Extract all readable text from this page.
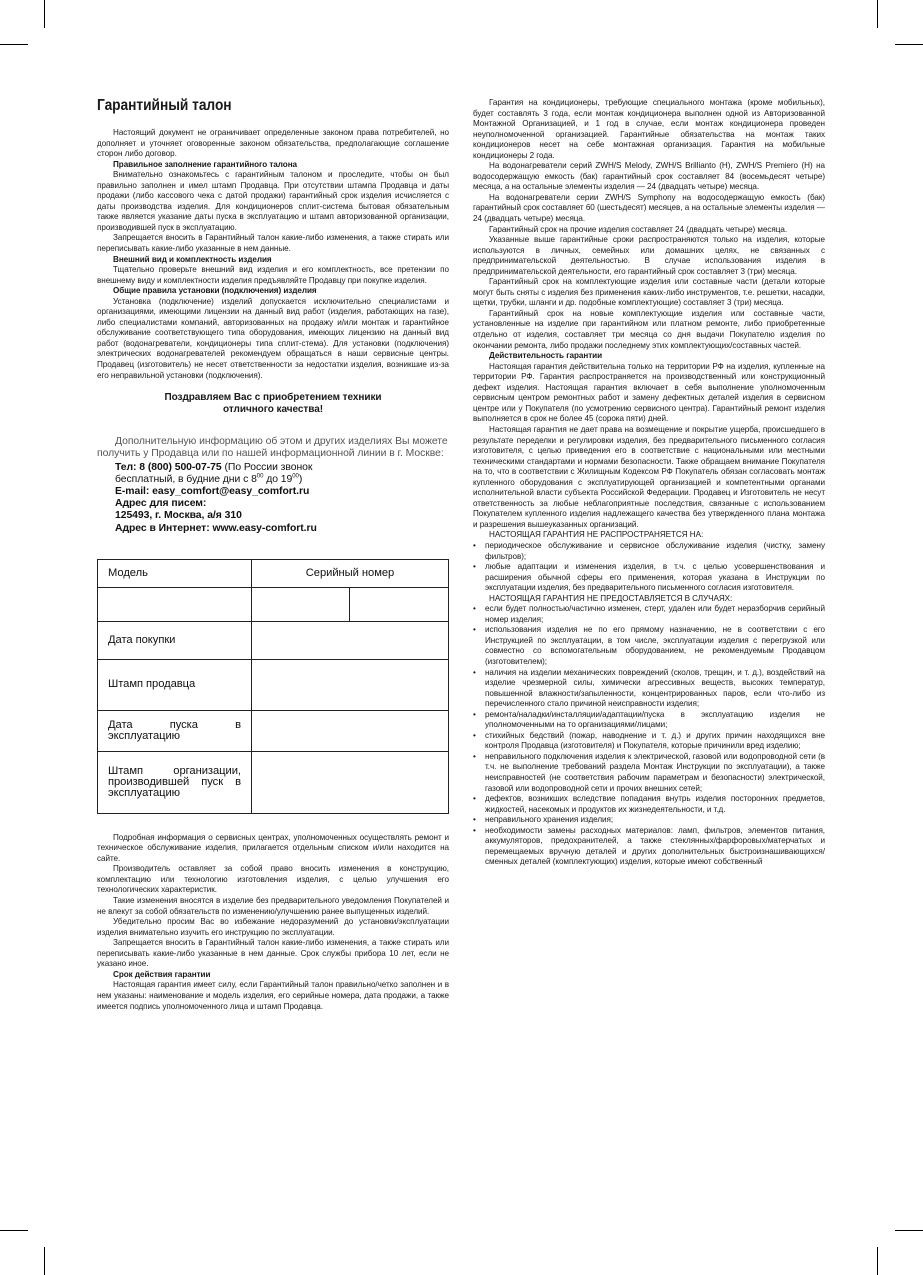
Гарантийный талон

Настоящий документ не ограничивает определенные законом права потребителей, но дополняет и уточняет оговоренные законом обязательства, предполагающие соглашение сторон либо договор.

Правильное заполнение гарантийного талона

Внимательно ознакомьтесь с гарантийным талоном и проследите, чтобы он был правильно заполнен и имел штамп Продавца. При отсутствии штампа Продавца и даты продажи (либо кассового чека с датой продажи) гарантийный срок изделия исчисляется с даты производства изделия. Для кондиционеров сплит-система бытовая обязательным также является указание даты пуска в эксплуатацию и штамп авторизованной организации, производившей пуск в эксплуатацию.

Запрещается вносить в Гарантийный талон какие-либо изменения, а также стирать или переписывать какие-либо указанные в нем данные.

Внешний вид и комплектность изделия

Тщательно проверьте внешний вид изделия и его комплектность, все претензии по внешнему виду и комплектности изделия предъявляйте Продавцу при покупке изделия.

Общие правила установки (подключения) изделия

Установка (подключение) изделий допускается исключительно специалистами и организациями, имеющими лицензии на данный вид работ (изделия, работающих на газе), либо специалистами компаний, авторизованных на продажу и/или монтаж и гарантийное обслуживание соответствующего типа оборудования, имеющих лицензию на данный вид работ (водонагреватели, кондиционеры типа сплит-стема). Для установки (подключения) электрических водонагревателей рекомендуем обращаться в наши сервисные центры. Продавец (изготовитель) не несет ответственности за недостатки изделия, возникшие из-за его неправильной установки (подключения).

Поздравляем Вас с приобретением техники
отличного качества!
Дополнительную информацию об этом и других изделиях Вы можете получить у Продавца или по нашей информационной линии в г. Москве:
Тел: 8 (800) 500-07-75 (По России звонок
бесплатный, в будние дни с $8^{00}$ до $19^{00}$)
E-mail: easy_comfort@easy_comfort.ru
Адрес для писем:
125493, г. Москва, а/я 310
Адрес в Интернет: www.easy-comfort.ru
Модель	Серийный номер	

Дата покупки		
Штамп продавца		
Дата пуска в эксплуатацию		
Штамп организации, производившей пуск в эксплуатацию		

Подробная информация о сервисных центрах, уполномоченных осуществлять ремонт и техническое обслуживание изделия, прилагается отдельным списком и/или находится на сайте.

Производитель оставляет за собой право вносить изменения в конструкцию, комплектацию или технологию изготовления изделия, с целью улучшения его технологических характеристик.

Такие изменения вносятся в изделие без предварительного уведомления Покупателей и не влекут за собой обязательств по изменению/улучшению ранее выпущенных изделий.

Убедительно просим Вас во избежание недоразумений до установки/эксплуатации изделия внимательно изучить его инструкцию по эксплуатации.

Запрещается вносить в Гарантийный талон какие-либо изменения, а также стирать или переписывать какие-либо указанные в нем данные. Срок службы прибора 10 лет, если не указано иное.

Срок действия гарантии

Настоящая гарантия имеет силу, если Гарантийный талон правильно/четко заполнен и в нем указаны: наименование и модель изделия, его серийные номера, дата продажи, а также имеется подпись уполномоченного лица и штамп Продавца.

Гарантия на кондиционеры, требующие специального монтажа (кроме мобильных), будет составлять 3 года, если монтаж кондиционера выполнен одной из Авторизованной Монтажной Организацией, и 1 год в случае, если монтаж кондиционера проведен неуполномоченной организацией. Гарантийные обязательства на монтаж таких кондиционеров несет на себе монтажная организация. Гарантия на мобильные кондиционеры 2 года.

На водонагреватели серий ZWH/S Melody, ZWH/S Brillianto (H), ZWH/S Premiero (H) на водосодержащую емкость (бак) гарантийный срок составляет 84 (восемьдесят четыре) месяца, а на остальные элементы изделия — 24 (двадцать четыре) месяца.

На водонагреватели серии ZWH/S Symphony на водосодержащую емкость (бак) гарантийный срок составляет 60 (шестьдесят) месяцев, а на остальные элементы изделия — 24 (двадцать четыре) месяца.

Гарантийный срок на прочие изделия составляет 24 (двадцать четыре) месяца.

Указанные выше гарантийные сроки распространяются только на изделия, которые используются в личных, семейных или домашних целях, не связанных с предпринимательской деятельностью. В случае использования изделия в предпринимательской деятельности, его гарантийный срок составляет 3 (три) месяца.

Гарантийный срок на комплектующие изделия или составные части (детали которые могут быть сняты с изделия без применения каких-либо инструментов, т.е. решетки, насадки, щетки, трубки, шланги и др. подобные комплектующие) составляет 3 (три) месяца.

Гарантийный срок на новые комплектующие изделия или составные части, установленные на изделие при гарантийном или платном ремонте, либо приобретенные отдельно от изделия, составляет три месяца со дня выдачи Покупателю изделия по окончании ремонта, либо продажи последнему этих комплектующих/составных частей.

Действительность гарантии

Настоящая гарантия действительна только на территории РФ на изделия, купленные на территории РФ. Гарантия распространяется на производственный или конструкционный дефект изделия. Настоящая гарантия включает в себя выполнение уполномоченным сервисным центром ремонтных работ и замену дефектных деталей изделия в сервисном центре или у Покупателя (по усмотрению сервисного центра). Гарантийный ремонт изделия выполняется в срок не более 45 (сорока пяти) дней.

Настоящая гарантия не дает права на возмещение и покрытие ущерба, происшедшего в результате переделки и регулировки изделия, без предварительного письменного согласия изготовителя, с целью приведения его в соответствие с национальными или местными техническими стандартами и нормами безопасности. Также обращаем внимание Покупателя на то, что в соответствии с Жилищным Кодексом РФ Покупатель обязан согласовать монтаж купленного оборудования с эксплуатирующей организацией и компетентными органами исполнительной власти субъекта Российской Федерации. Продавец и Изготовитель не несут ответственность за любые неблагоприятные последствия, связанные с использованием Покупателем купленного изделия надлежащего качества без утвержденного плана монтажа и разрешения вышеуказанных организаций.

НАСТОЯЩАЯ ГАРАНТИЯ НЕ РАСПРОСТРАНЯЕТСЯ НА:

• периодическое обслуживание и сервисное обслуживание изделия (чистку, замену фильтров);
• любые адаптации и изменения изделия, в т.ч. с целью усовершенствования и расширения обычной сферы его применения, которая указана в Инструкции по эксплуатации изделия, без предварительного письменного согласия изготовителя.

НАСТОЯЩАЯ ГАРАНТИЯ НЕ ПРЕДОСТАВЛЯЕТСЯ В СЛУЧАЯХ:

• если будет полностью/частично изменен, стерт, удален или будет неразборчив серийный номер изделия;
• использования изделия не по его прямому назначению, не в соответствии с его Инструкцией по эксплуатации, в том числе, эксплуатации изделия с перегрузкой или совместно со вспомогательным оборудованием, не рекомендуемым Продавцом (изготовителем);
• наличия на изделии механических повреждений (сколов, трещин, и т. д.), воздействий на изделие чрезмерной силы, химически агрессивных веществ, высоких температур, повышенной влажности/запыленности, концентрированных паров, если что-либо из перечисленного стало причиной неисправности изделия;
• ремонта/наладки/инсталляции/адаптации/пуска в эксплуатацию изделия не уполномоченными на то организациями/лицами;
• стихийных бедствий (пожар, наводнение и т. д.) и других причин находящихся вне контроля Продавца (изготовителя) и Покупателя, которые причинили вред изделию;
• неправильного подключения изделия к электрической, газовой или водопроводной сети (в т.ч. не выполнение требований раздела Монтаж Инструкции по эксплуатации), а также неисправностей (не соответствия рабочим параметрам и безопасности) электрической, газовой или водопроводной сети и прочих внешних сетей;
• дефектов, возникших вследствие попадания внутрь изделия посторонних предметов, жидкостей, насекомых и продуктов их жизнедеятельности, и т.д.
• неправильного хранения изделия;
• необходимости замены расходных материалов: ламп, фильтров, элементов питания, аккумуляторов, предохранителей, а также стеклянных/фарфоровых/матерчатых и перемещаемых вручную деталей и других дополнительных быстроизнашивающихся/сменных деталей (комплектующих) изделия, которые имеют собственный
